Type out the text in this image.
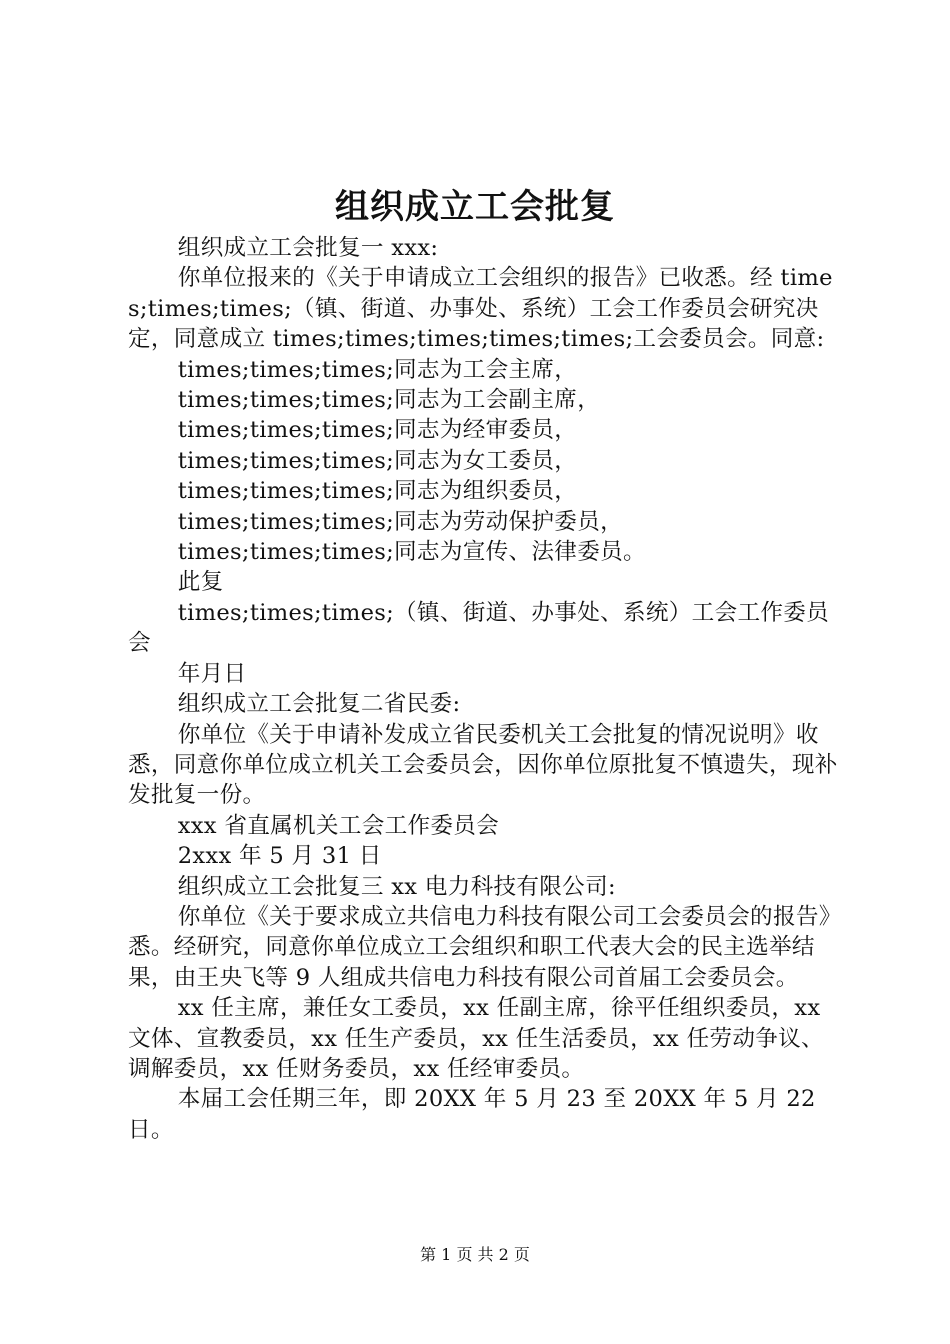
组织成立工会批复

组织成立工会批复一 xxx:

你单位报来的《关于申请成立工会组织的报告》已收悉。经 times;times;times;（镇、街道、办事处、系统）工会工作委员会研究决定，同意成立 times;times;times;times;times;工会委员会。同意:

times;times;times;同志为工会主席，

times;times;times;同志为工会副主席，

times;times;times;同志为经审委员，

times;times;times;同志为女工委员，

times;times;times;同志为组织委员，

times;times;times;同志为劳动保护委员，

times;times;times;同志为宣传、法律委员。

此复

times;times;times;（镇、街道、办事处、系统）工会工作委员会

年月日

组织成立工会批复二省民委:

你单位《关于申请补发成立省民委机关工会批复的情况说明》收悉，同意你单位成立机关工会委员会，因你单位原批复不慎遗失，现补发批复一份。

xxx 省直属机关工会工作委员会

2xxx 年 5 月 31 日

组织成立工会批复三 xx 电力科技有限公司:

你单位《关于要求成立共信电力科技有限公司工会委员会的报告》悉。经研究，同意你单位成立工会组织和职工代表大会的民主选举结果，由王央飞等 9 人组成共信电力科技有限公司首届工会委员会。

xx 任主席，兼任女工委员，xx 任副主席，徐平任组织委员，xx 文体、宣教委员，xx 任生产委员，xx 任生活委员，xx 任劳动争议、调解委员，xx 任财务委员，xx 任经审委员。

本届工会任期三年，即 20XX 年 5 月 23 至 20XX 年 5 月 22 日。

第 1 页 共 2 页
